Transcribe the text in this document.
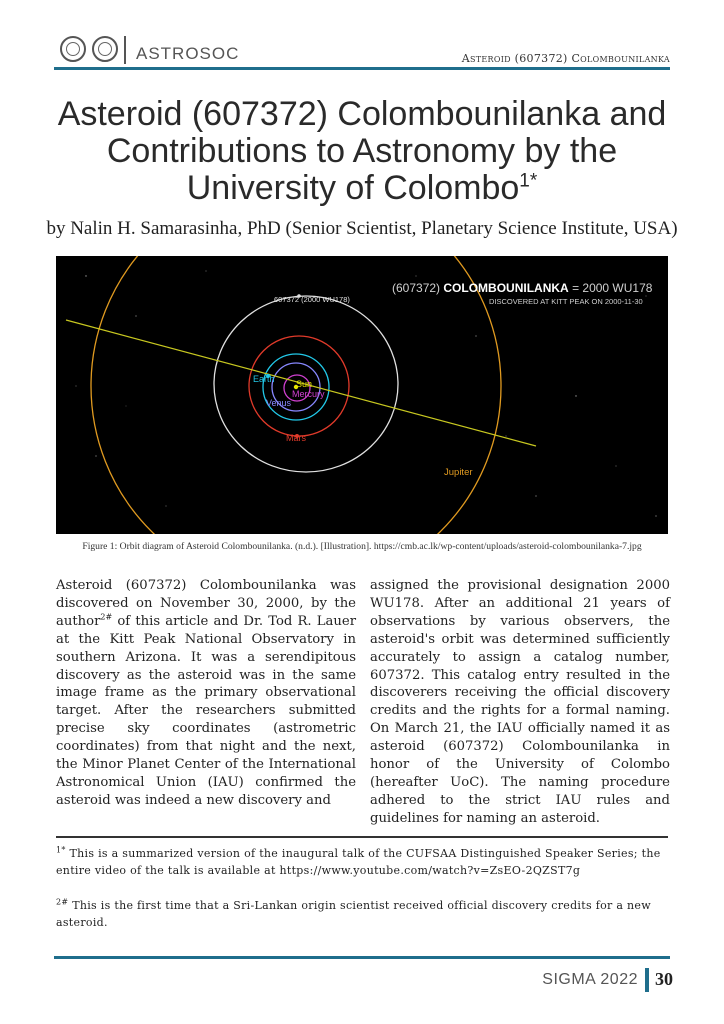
ASTROSOC	Asteroid (607372) Colombounilanka
Asteroid (607372) Colombounilanka and Contributions to Astronomy by the University of Colombo$^{1*}$
by Nalin H. Samarasinha, PhD (Senior Scientist, Planetary Science Institute, USA)
Sun
Mercury
Venus
Earth
Mars
Jupiter
607372 (2000 WU178)
(607372) COLOMBOUNILANKA = 2000 WU178
DISCOVERED AT KITT PEAK ON 2000-11-30
Figure 1: Orbit diagram of Asteroid Colombounilanka. (n.d.). [Illustration]. https://cmb.ac.lk/wp-content/uploads/asteroid-colombounilanka-7.jpg
Asteroid (607372) Colombounilanka was discovered on November 30, 2000, by the author$^{2\#}$ of this article and Dr. Tod R. Lauer at the Kitt Peak National Observatory in southern Arizona. It was a serendipitous discovery as the asteroid was in the same image frame as the primary observational target. After the researchers submitted precise sky coordinates (astrometric coordinates) from that night and the next, the Minor Planet Center of the International Astronomical Union (IAU) confirmed the asteroid was indeed a new discovery and
assigned the provisional designation 2000 WU178. After an additional 21 years of observations by various observers, the asteroid's orbit was determined sufficiently accurately to assign a catalog number, 607372. This catalog entry resulted in the discoverers receiving the official discovery credits and the rights for a formal naming. On March 21, the IAU officially named it as asteroid (607372) Colombounilanka in honor of the University of Colombo (hereafter UoC). The naming procedure adhered to the strict IAU rules and guidelines for naming an asteroid.
$^{1*}$ This is a summarized version of the inaugural talk of the CUFSAA Distinguished Speaker Series; the entire video of the talk is available at https://www.youtube.com/watch?v=ZsEO-2QZST7g
$^{2\#}$ This is the first time that a Sri-Lankan origin scientist received official discovery credits for a new asteroid.
SIGMA 2022 30
